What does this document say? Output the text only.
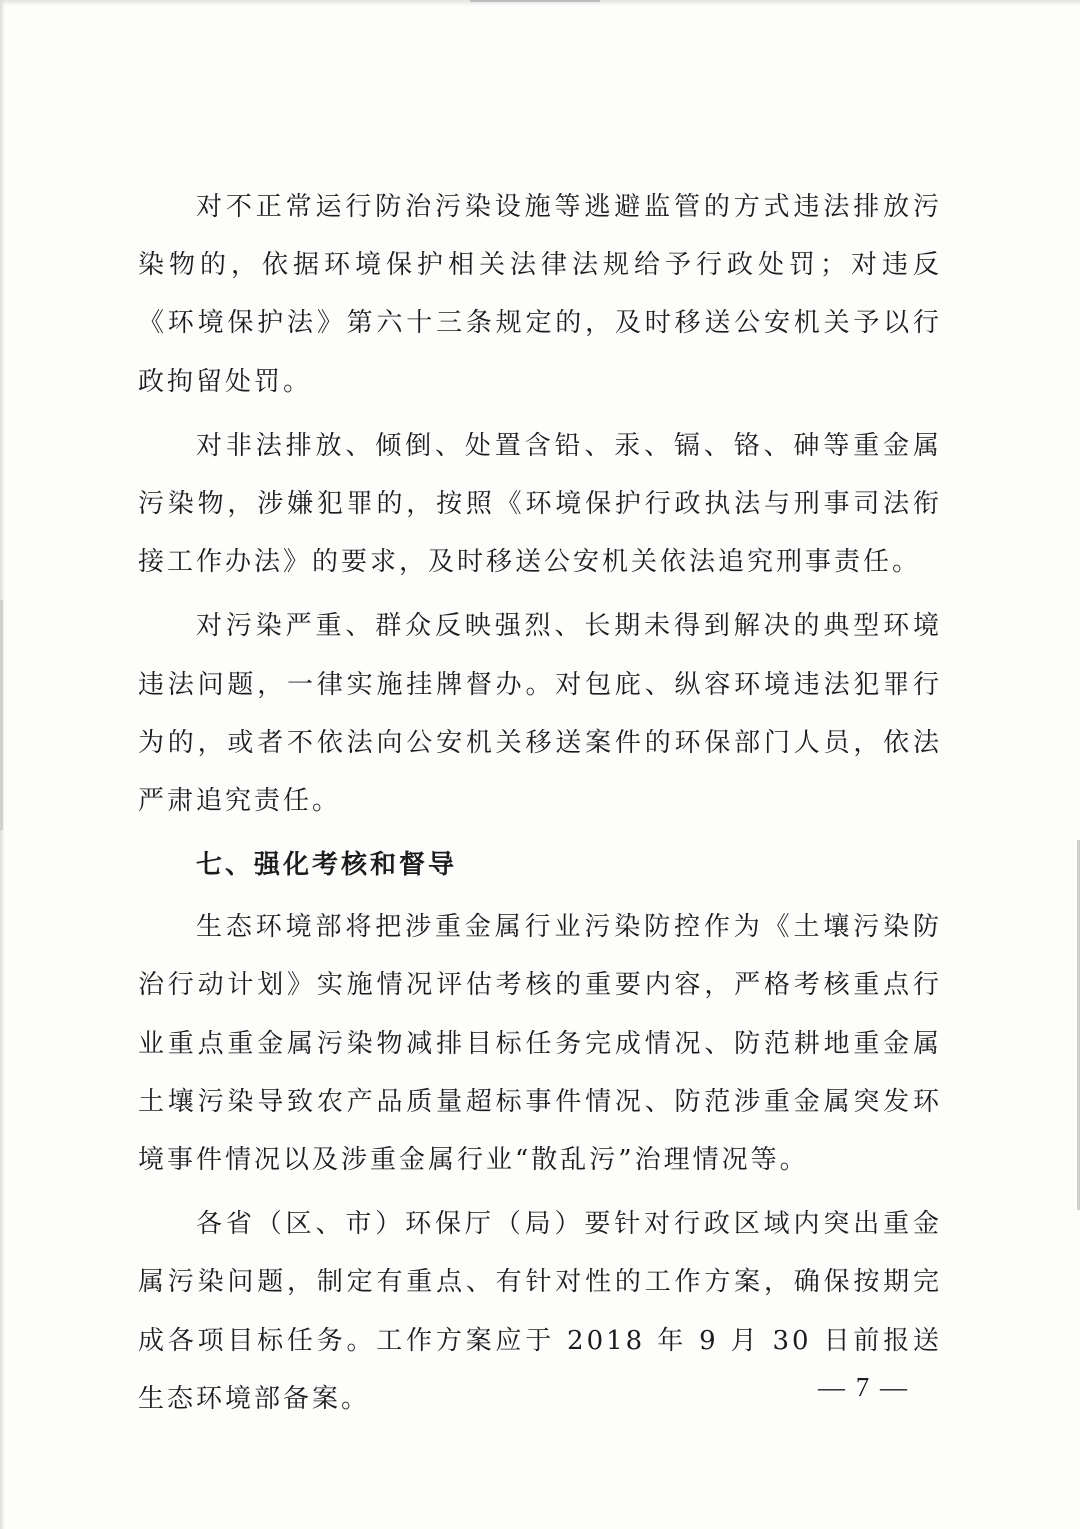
对不正常运行防治污染设施等逃避监管的方式违法排放污染物的，依据环境保护相关法律法规给予行政处罚；对违反《环境保护法》第六十三条规定的，及时移送公安机关予以行政拘留处罚。

对非法排放、倾倒、处置含铅、汞、镉、铬、砷等重金属污染物，涉嫌犯罪的，按照《环境保护行政执法与刑事司法衔接工作办法》的要求，及时移送公安机关依法追究刑事责任。

对污染严重、群众反映强烈、长期未得到解决的典型环境违法问题，一律实施挂牌督办。对包庇、纵容环境违法犯罪行为的，或者不依法向公安机关移送案件的环保部门人员，依法严肃追究责任。

七、强化考核和督导

生态环境部将把涉重金属行业污染防控作为《土壤污染防治行动计划》实施情况评估考核的重要内容，严格考核重点行业重点重金属污染物减排目标任务完成情况、防范耕地重金属土壤污染导致农产品质量超标事件情况、防范涉重金属突发环境事件情况以及涉重金属行业“散乱污”治理情况等。

各省（区、市）环保厅（局）要针对行政区域内突出重金属污染问题，制定有重点、有针对性的工作方案，确保按期完成各项目标任务。工作方案应于 2018 年 9 月 30 日前报送生态环境部备案。	— 7 —
